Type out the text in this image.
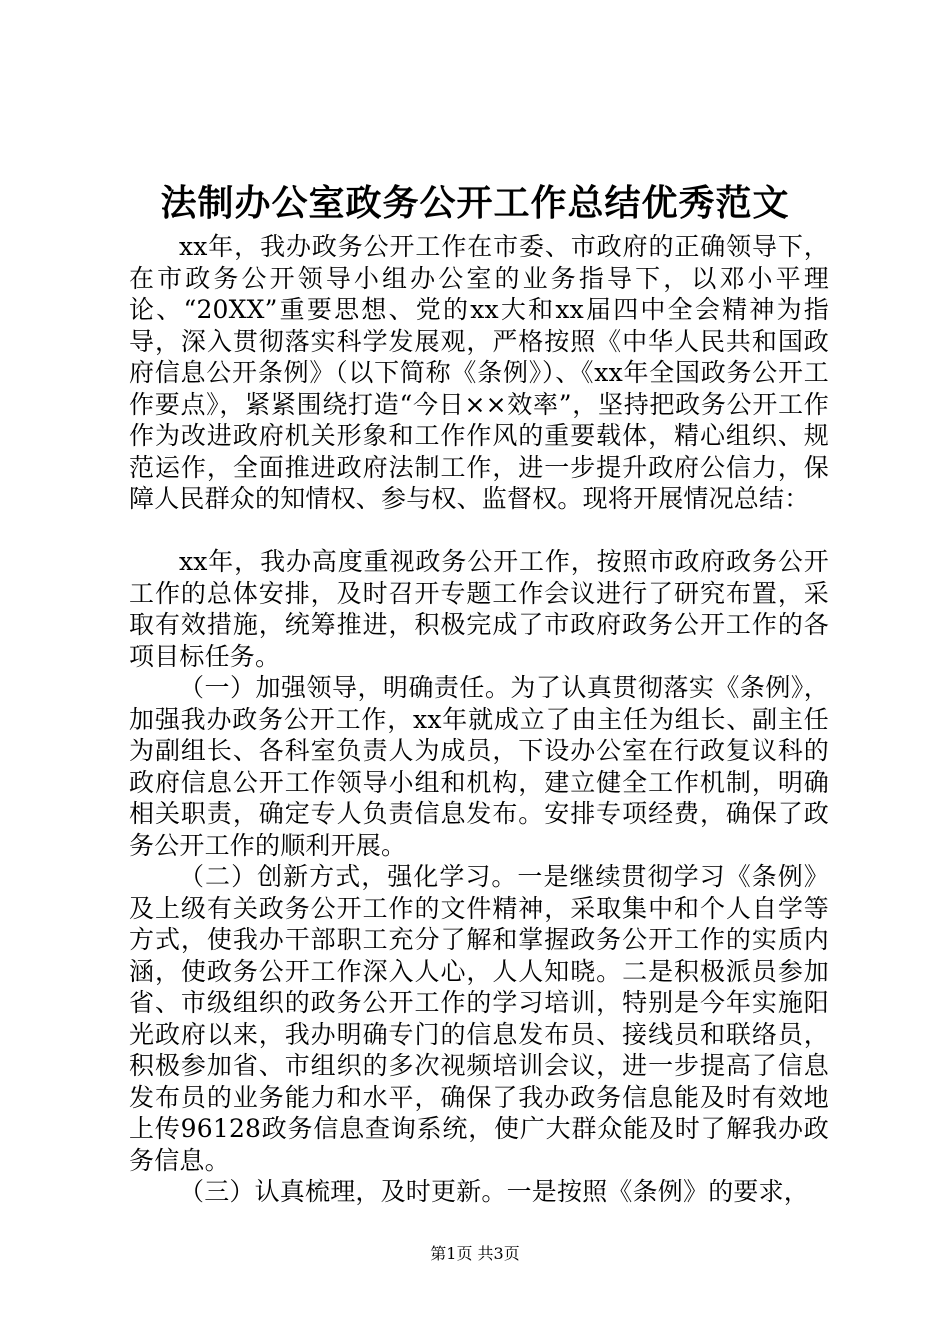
法制办公室政务公开工作总结优秀范文

xx年，我办政务公开工作在市委、市政府的正确领导下，在市政务公开领导小组办公室的业务指导下，以邓小平理论、“20XX”重要思想、党的xx大和xx届四中全会精神为指导，深入贯彻落实科学发展观，严格按照《中华人民共和国政府信息公开条例》（以下简称《条例》）、《xx年全国政务公开工作要点》，紧紧围绕打造“今日××效率”，坚持把政务公开工作作为改进政府机关形象和工作作风的重要载体，精心组织、规范运作，全面推进政府法制工作，进一步提升政府公信力，保障人民群众的知情权、参与权、监督权。现将开展情况总结：

xx年，我办高度重视政务公开工作，按照市政府政务公开工作的总体安排，及时召开专题工作会议进行了研究布置，采取有效措施，统筹推进，积极完成了市政府政务公开工作的各项目标任务。

（一）加强领导，明确责任。为了认真贯彻落实《条例》，加强我办政务公开工作，xx年就成立了由主任为组长、副主任为副组长、各科室负责人为成员，下设办公室在行政复议科的政府信息公开工作领导小组和机构，建立健全工作机制，明确相关职责，确定专人负责信息发布。安排专项经费，确保了政务公开工作的顺利开展。

（二）创新方式，强化学习。一是继续贯彻学习《条例》及上级有关政务公开工作的文件精神，采取集中和个人自学等方式，使我办干部职工充分了解和掌握政务公开工作的实质内涵，使政务公开工作深入人心，人人知晓。二是积极派员参加省、市级组织的政务公开工作的学习培训，特别是今年实施阳光政府以来，我办明确专门的信息发布员、接线员和联络员，积极参加省、市组织的多次视频培训会议，进一步提高了信息发布员的业务能力和水平，确保了我办政务信息能及时有效地上传96128政务信息查询系统，使广大群众能及时了解我办政务信息。

（三）认真梳理，及时更新。一是按照《条例》的要求，

第1页 共3页
